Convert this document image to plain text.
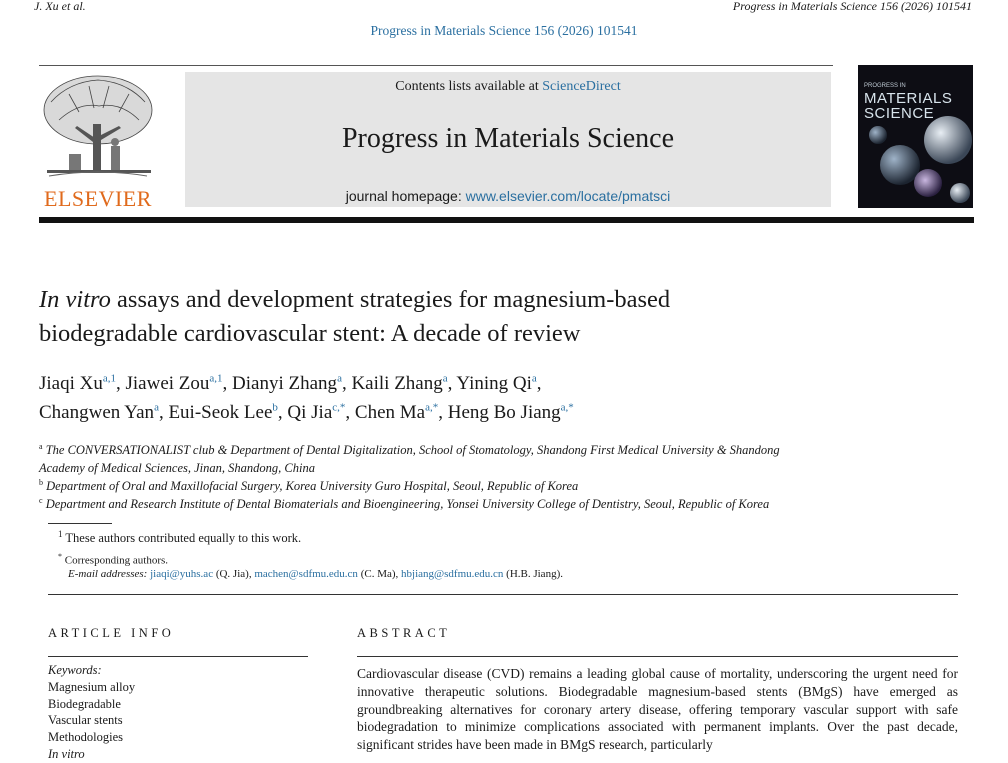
J. Xu et al.	Progress in Materials Science 156 (2026) 101541
Progress in Materials Science 156 (2026) 101541
ELSEVIER
Contents lists available at ScienceDirect
Progress in Materials Science
journal homepage: www.elsevier.com/locate/pmatsci
PROGRESS IN
MATERIALS
SCIENCE
In vitro assays and development strategies for magnesium-based
biodegradable cardiovascular stent: A decade of review
Jiaqi Xu$^{a,1}$, Jiawei Zou$^{a,1}$, Dianyi Zhang$^a$, Kaili Zhang$^a$, Yining Qi$^a$,
Changwen Yan$^a$, Eui-Seok Lee$^b$, Qi Jia$^{c,*}$, Chen $Ma^{a,*}$, Heng Bo Jiang$^{a,*}$
$^a$ The CONVERSATIONALIST club & Department of Dental Digitalization, School of Stomatology, Shandong First Medical University & Shandong
Academy of Medical Sciences, Jinan, Shandong, China
$^b$ Department of Oral and Maxillofacial Surgery, Korea University Guro Hospital, Seoul, Republic of Korea
$^c$ Department and Research Institute of Dental Biomaterials and Bioengineering, Yonsei University College of Dentistry, Seoul, Republic of Korea
$^1$ These authors contributed equally to this work.
* Corresponding authors.
E-mail addresses: jiaqi@yuhs.ac (Q. Jia), machen@sdfmu.edu.cn (C. Ma), hbjiang@sdfmu.edu.cn (H.B. Jiang).
ARTICLE INFO
Keywords:
Magnesium alloy
Biodegradable
Vascular stents
Methodologies
In vitro
ABSTRACT
Cardiovascular disease (CVD) remains a leading global cause of mortality, underscoring the urgent need for innovative therapeutic solutions. Biodegradable magnesium-based stents (BMgS) have emerged as groundbreaking alternatives for coronary artery disease, offering temporary vascular support with safe biodegradation to minimize complications associated with permanent implants. Over the past decade, significant strides have been made in BMgS research, particularly
